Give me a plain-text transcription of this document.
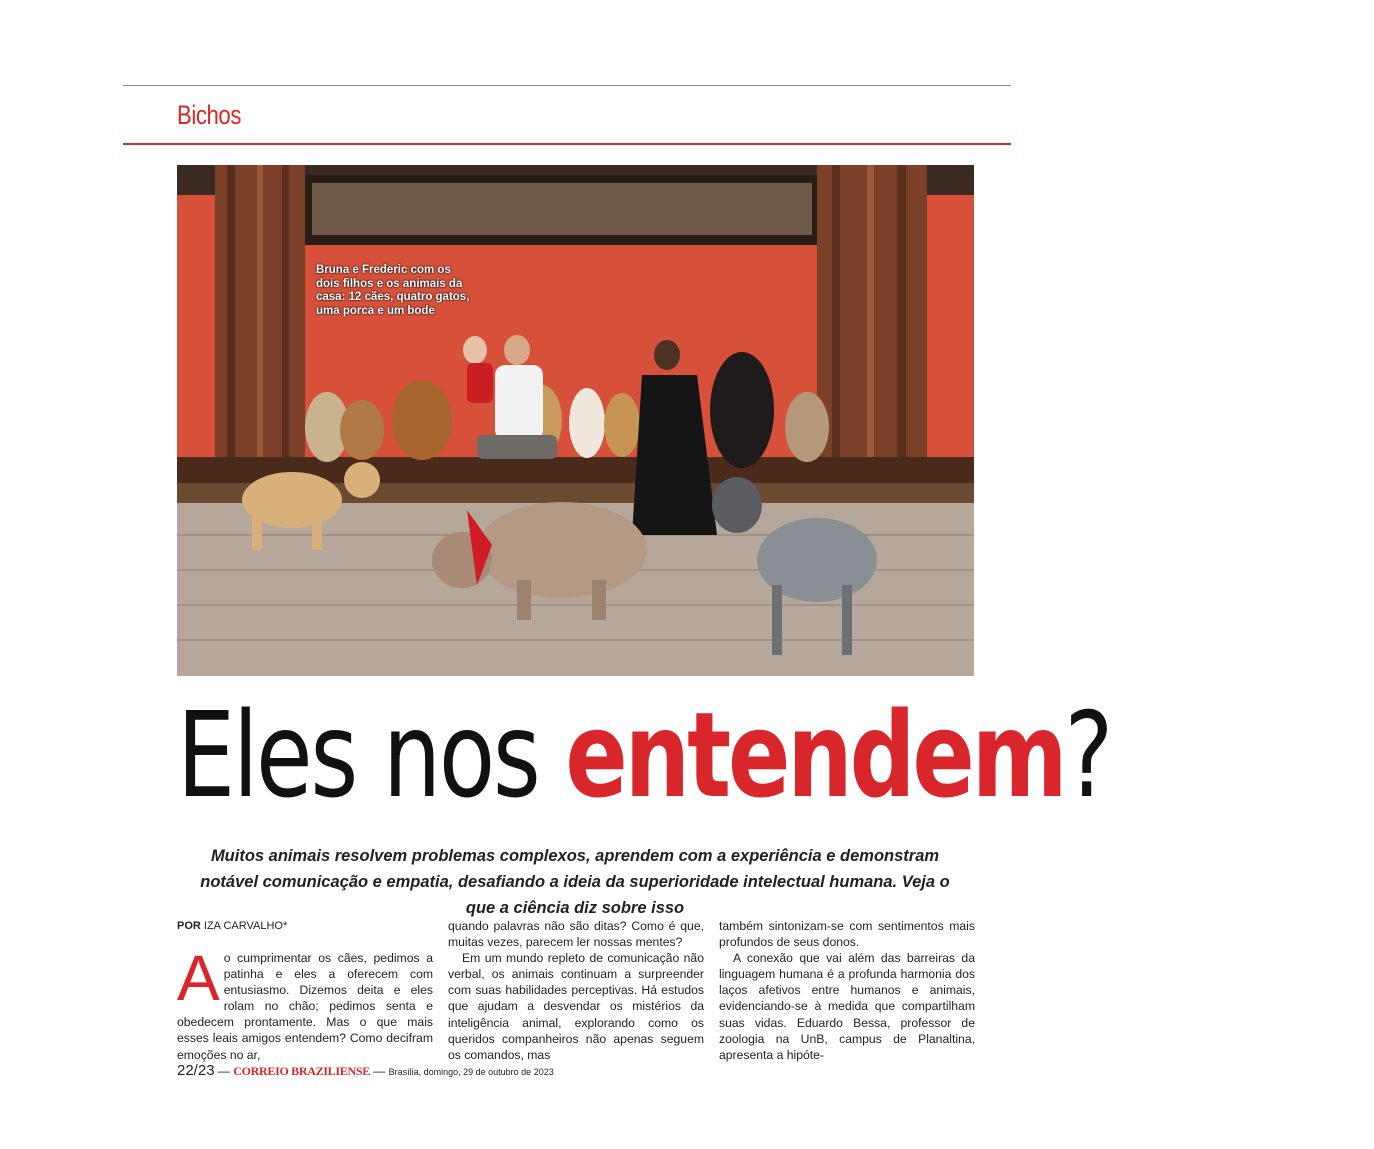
Bichos
Bruna e Frederic com os dois filhos e os animais da casa: 12 cães, quatro gatos, uma porca e um bode
Eles nos entendem?
Muitos animais resolvem problemas complexos, aprendem com a experiência e demonstram notável comunicação e empatia, desafiando a ideia da superioridade intelectual humana. Veja o que a ciência diz sobre isso
POR IZA CARVALHO*
A o cumprimentar os cães, pedimos a patinha e eles a oferecem com entusiasmo. Dizemos deita e eles rolam no chão; pedimos senta e obedecem prontamente. Mas o que mais esses leais amigos entendem? Como decifram emoções no ar,

quando palavras não são ditas? Como é que, muitas vezes, parecem ler nossas mentes?

Em um mundo repleto de comunicação não verbal, os animais continuam a surpreender com suas habilidades perceptivas. Há estudos que ajudam a desvendar os mistérios da inteligência animal, explorando como os queridos companheiros não apenas seguem os comandos, mas

também sintonizam-se com sentimentos mais profundos de seus donos.

A conexão que vai além das barreiras da linguagem humana é a profunda harmonia dos laços afetivos entre humanos e animais, evidenciando-se à medida que compartilham suas vidas. Eduardo Bessa, professor de zoologia na UnB, campus de Planaltina, apresenta a hipóte-

22/23 — CORREIO BRAZILIENSE — Brasília, domingo, 29 de outubro de 2023
